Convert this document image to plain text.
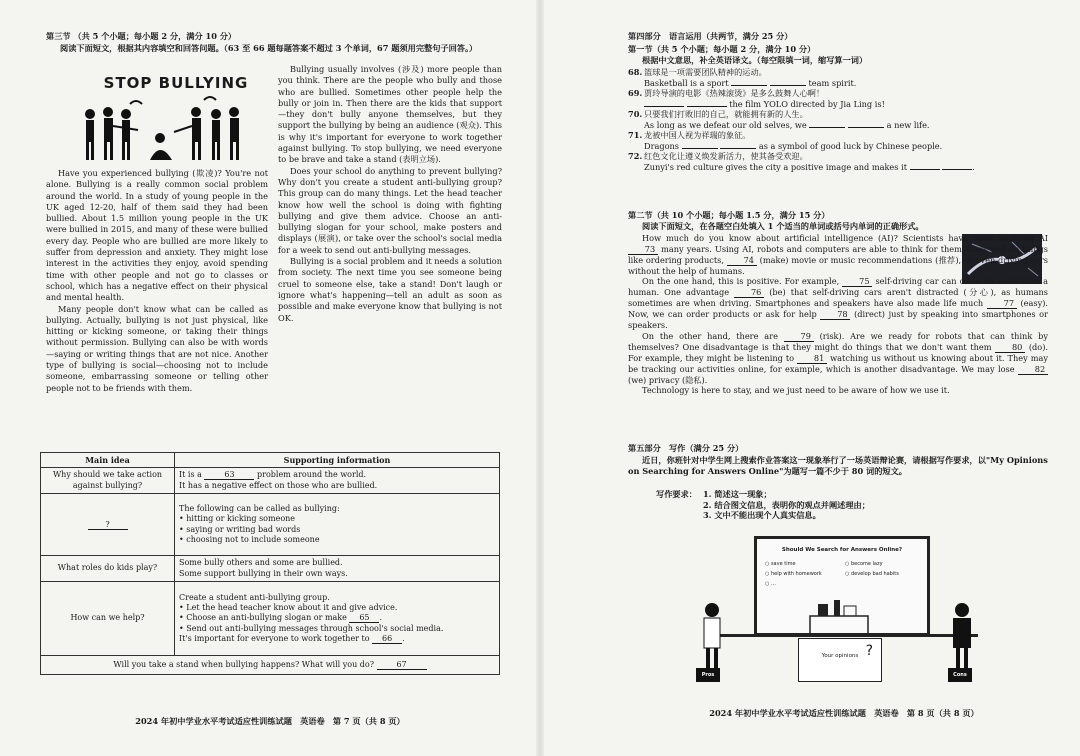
第三节 （共 5 个小题；每小题 2 分，满分 10 分）
阅读下面短文，根据其内容填空和回答问题。（63 至 66 题每题答案不超过 3 个单词，67 题须用完整句子回答。）
STOP BULLYING

Have you experienced bullying (欺凌)? You're not alone. Bullying is a really common social problem around the world. In a study of young people in the UK aged 12-20, half of them said they had been bullied. About 1.5 million young people in the UK were bullied in 2015, and many of these were bullied every day. People who are bullied are more likely to suffer from depression and anxiety. They might lose interest in the activities they enjoy, avoid spending time with other people and not go to classes or school, which has a negative effect on their physical and mental health.

Many people don't know what can be called as bullying. Actually, bullying is not just physical, like hitting or kicking someone, or taking their things without permission. Bullying can also be with words—saying or writing things that are not nice. Another type of bullying is social—choosing not to include someone, embarrassing someone or telling other people not to be friends with them.

Bullying usually involves (涉及) more people than you think. There are the people who bully and those who are bullied. Sometimes other people help the bully or join in. Then there are the kids that support—they don't bully anyone themselves, but they support the bullying by being an audience (观众). This is why it's important for everyone to work together against bullying. To stop bullying, we need everyone to be brave and take a stand (表明立场).

Does your school do anything to prevent bullying? Why don't you create a student anti-bullying group? This group can do many things. Let the head teacher know how well the school is doing with fighting bullying and give them advice. Choose an anti-bullying slogan for your school, make posters and displays (展演), or take over the school's social media for a week to send out anti-bullying messages.

Bullying is a social problem and it needs a solution from society. The next time you see someone being cruel to someone else, take a stand! Don't laugh or ignore what's happening—tell an adult as soon as possible and make everyone know that bullying is not OK.

Main idea	Supporting information
Why should we take action against bullying?	It is a 63 problem around the world.
It has a negative effect on those who are bullied.
?	The following can be called as bullying:
• hitting or kicking someone
• saying or writing bad words
• choosing not to include someone

What roles do kids play?	Some bully others and some are bullied.
Some support bullying in their own ways.

How can we help?	Create a student anti-bullying group.
• Let the head teacher know about it and give advice.
• Choose an anti-bullying slogan or make 65 .
• Send out anti-bullying messages through school's social media.
It's important for everyone to work together to 66 .

Will you take a stand when bullying happens? What will you do? 67	
2024 年初中学业水平考试适应性训练试题　英语卷　第 7 页（共 8 页）
第四部分　语言运用（共两节，满分 25 分）
第一节（共 5 个小题；每小题 2 分，满分 10 分）
根据中文意思，补全英语译文。（每空限填一词，缩写算一词）
68. 篮球是一项需要团队精神的运动。
Basketball is a sport	team spirit.
69. 贾玲导演的电影《热辣滚烫》是多么鼓舞人心啊！
the film YOLO directed by Jia Ling is!
70. 只要我们打败旧的自己，就能拥有新的人生。
As long as we defeat our old selves, we	a new life.
71. 龙被中国人视为祥瑞的象征。
Dragons	as a symbol of good luck by Chinese people.
72. 红色文化让遵义焕发新活力，使其备受欢迎。
Zunyi's red culture gives the city a positive image and makes it	.
第二节（共 10 个小题；每小题 1.5 分，满分 15 分）
阅读下面短文，在各题空白处填入 1 个适当的单词或括号内单词的正确形式。

How much do you know about artificial intelligence (AI)? Scientists have been studying AI 73 many years. Using AI, robots and computers are able to think for themselves and do things like ordering products, 74 (make) movie or music recommendations (推荐), or even driving cars without the help of humans.

On the one hand, this is positive. For example, 75 self-driving car can often be safer than a human. One advantage	76 (be) that self-driving cars aren't distracted (分心), as humans sometimes are when driving. Smartphones and speakers have also made life much 77 (easy). Now, we can order products or ask for help 78 (direct) just by speaking into smartphones or speakers.

On the other hand, there are	79 (risk). Are we ready for robots that can think by themselves? One disadvantage is that they might do things that we don't want them 80 (do). For example, they might be listening to 81 watching us without us knowing about it. They may be tracking our activities online, for example, which is another disadvantage. We may lose 82 (we) privacy (隐私).

Technology is here to stay, and we just need to be aware of how we use it.

第五部分　写作（满分 25 分）
近日，你班针对中学生网上搜索作业答案这一现象举行了一场英语辩论赛，请根据写作要求，以"My Opinions on Searching for Answers Online"为题写一篇不少于 80 词的短文。
写作要求： 1. 简述这一现象；
2. 结合图文信息，表明你的观点并阐述理由；
3. 文中不能出现个人真实信息。
Should We Search for Answers Online?
○ save time	○ become lazy
○ help with homework	○ develop bad habits
○ …
Your opinions ?
Pros	Cons
2024 年初中学业水平考试适应性训练试题　英语卷　第 8 页（共 8 页）
